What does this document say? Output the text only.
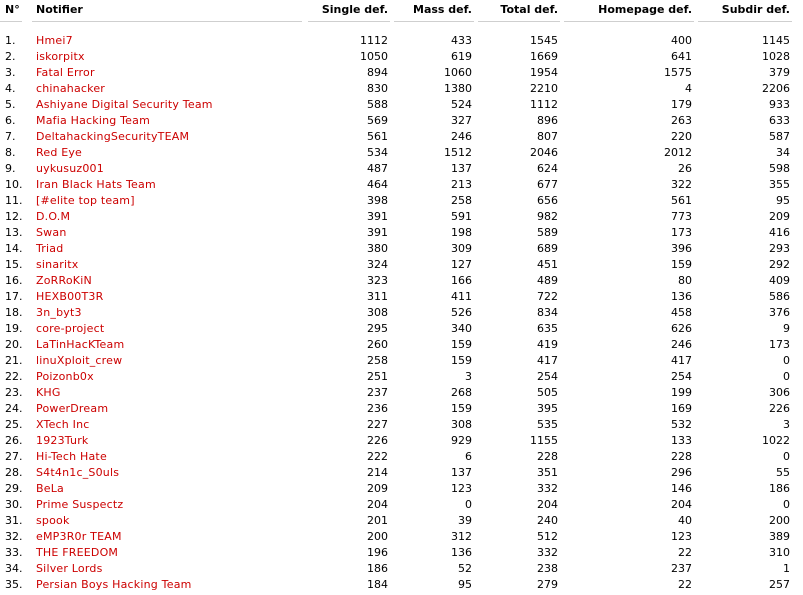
N° Notifier	Single def. Mass def.	Total def.	Homepage def.	Subdir def.
1. Hmei7	1112	433	1545	400	1145
2. iskorpitx	1050	619	1669	641	1028
3. Fatal Error	894	1060	1954	1575	379
4. chinahacker	830	1380	2210	4	2206
5. Ashiyane Digital Security Team	588	524	1112	179	933
6. Mafia Hacking Team	569	327	896	263	633
7. DeltahackingSecurityTEAM	561	246	807	220	587
8. Red Eye	534	1512	2046	2012	34
9. uykusuz001	487	137	624	26	598
10. Iran Black Hats Team	464	213	677	322	355
11. [#elite top team]	398	258	656	561	95
12. D.O.M	391	591	982	773	209
13. Swan	391	198	589	173	416
14. Triad	380	309	689	396	293
15. sinaritx	324	127	451	159	292
16. ZoRRoKiN	323	166	489	80	409
17. HEXB00T3R	311	411	722	136	586
18. 3n_byt3	308	526	834	458	376
19. core-project	295	340	635	626	9
20. LaTinHacKTeam	260	159	419	246	173
21. linuXploit_crew	258	159	417	417	0
22. Poizonb0x	251	3	254	254	0
23. KHG	237	268	505	199	306
24. PowerDream	236	159	395	169	226
25. XTech Inc	227	308	535	532	3
26. 1923Turk	226	929	1155	133	1022
27. Hi-Tech Hate	222	6	228	228	0
28. S4t4n1c_S0uls	214	137	351	296	55
29. BeLa	209	123	332	146	186
30. Prime Suspectz	204	0	204	204	0
31. spook	201	39	240	40	200
32. eMP3R0r TEAM	200	312	512	123	389
33. THE FREEDOM	196	136	332	22	310
34. Silver Lords	186	52	238	237	1
35. Persian Boys Hacking Team	184	95	279	22	257
